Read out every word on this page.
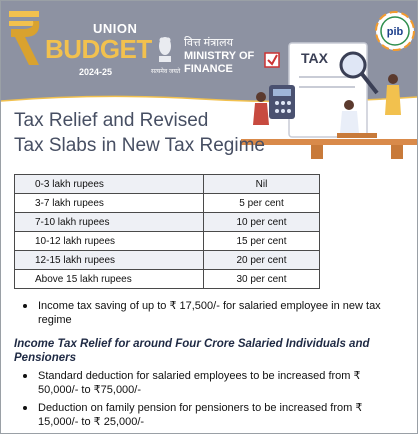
UNION
BUDGET
2024-25	सत्यमेव जयते
वित्त मंत्रालय
MINISTRY OF
FINANCE
pib
TAX
Tax Relief and Revised
Tax Slabs in New Tax Regime
0-3 lakh rupees	Nil
3-7 lakh rupees	5 per cent
7-10 lakh rupees	10 per cent
10-12 lakh rupees	15 per cent
12-15 lakh rupees	20 per cent
Above 15 lakh rupees	30 per cent
Income tax saving of up to ₹ 17,500/- for salaried employee in new tax regime
Income Tax Relief for around Four Crore Salaried Individuals and Pensioners
Standard deduction for salaried employees to be increased from ₹ 50,000/- to ₹75,000/-
Deduction on family pension for pensioners to be increased from ₹ 15,000/- to ₹ 25,000/-
